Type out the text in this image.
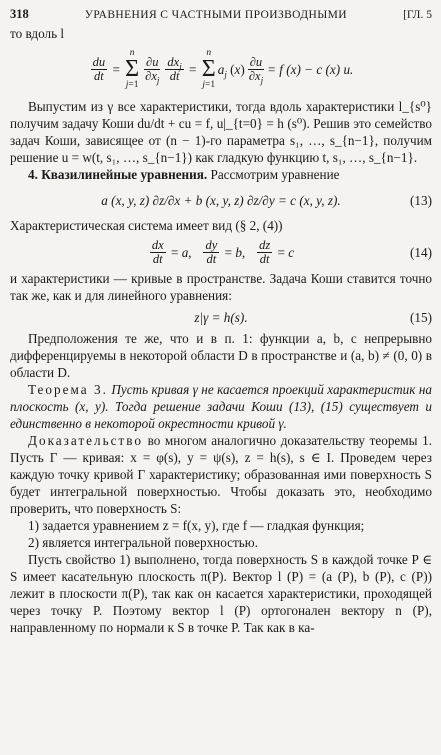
318	УРАВНЕНИЯ С ЧАСТНЫМИ ПРОИЗВОДНЫМИ	[ГЛ. 5

то вдоль l

$\frac{du}{dt}$ =
n
Σ
j=1
$\frac{\partial u}{\partial x_j} \frac{dx_j}{dt}$ =
n
Σ
j=1
$a_j$ $(x) \frac{\partial u}{\partial x_j} = f$ (x) − c (x) u.

Выпустим из γ все характеристики, тогда вдоль характеристики l_{s⁰} получим задачу Коши du/dt + cu = f, u|_{t=0} = h (s⁰). Решив это семейство задач Коши, зависящее от (n − 1)-го параметра s₁, …, s_{n−1}, получим решение u = w(t, s₁, …, s_{n−1}) как гладкую функцию t, s₁, …, s_{n−1}.

4. Квазилинейные уравнения. Рассмотрим уравнение

a (x, y, z) ∂z/∂x + b (x, y, z) ∂z/∂y = c (x, y, z).	(13)

Характеристическая система имеет вид (§ 2, (4))

$\frac{dx}{dt} = a$, $\frac{dy}{dt} = b$, $\frac{dz}{dt} = c$	(14)

и характеристики — кривые в пространстве. Задача Коши ставится точно так же, как и для линейного уравнения:

z|γ = h(s).	(15)

Предположения те же, что и в п. 1: функции a, b, c непрерывно дифференцируемы в некоторой области D в пространстве и (a, b) ≠ (0, 0) в области D.

Теорема 3. Пусть кривая γ не касается проекций характеристик на плоскость (x, y). Тогда решение задачи Коши (13), (15) существует и единственно в некоторой окрестности кривой γ.

Доказательство во многом аналогично доказательству теоремы 1. Пусть Γ — кривая: x = φ(s), y = ψ(s), z = h(s), s ∈ I. Проведем через каждую точку кривой Γ характеристику; образованная ими поверхность S будет интегральной поверхностью. Чтобы доказать это, необходимо проверить, что поверхность S:

1) задается уравнением z = f(x, y), где f — гладкая функция;

2) является интегральной поверхностью.

Пусть свойство 1) выполнено, тогда поверхность S в каждой точке P ∈ S имеет касательную плоскость π(P). Вектор l (P) = (a (P), b (P), c (P)) лежит в плоскости π(P), так как он касается характеристики, проходящей через точку P. Поэтому вектор l (P) ортогонален вектору n (P), направленному по нормали к S в точке P. Так как в ка-
